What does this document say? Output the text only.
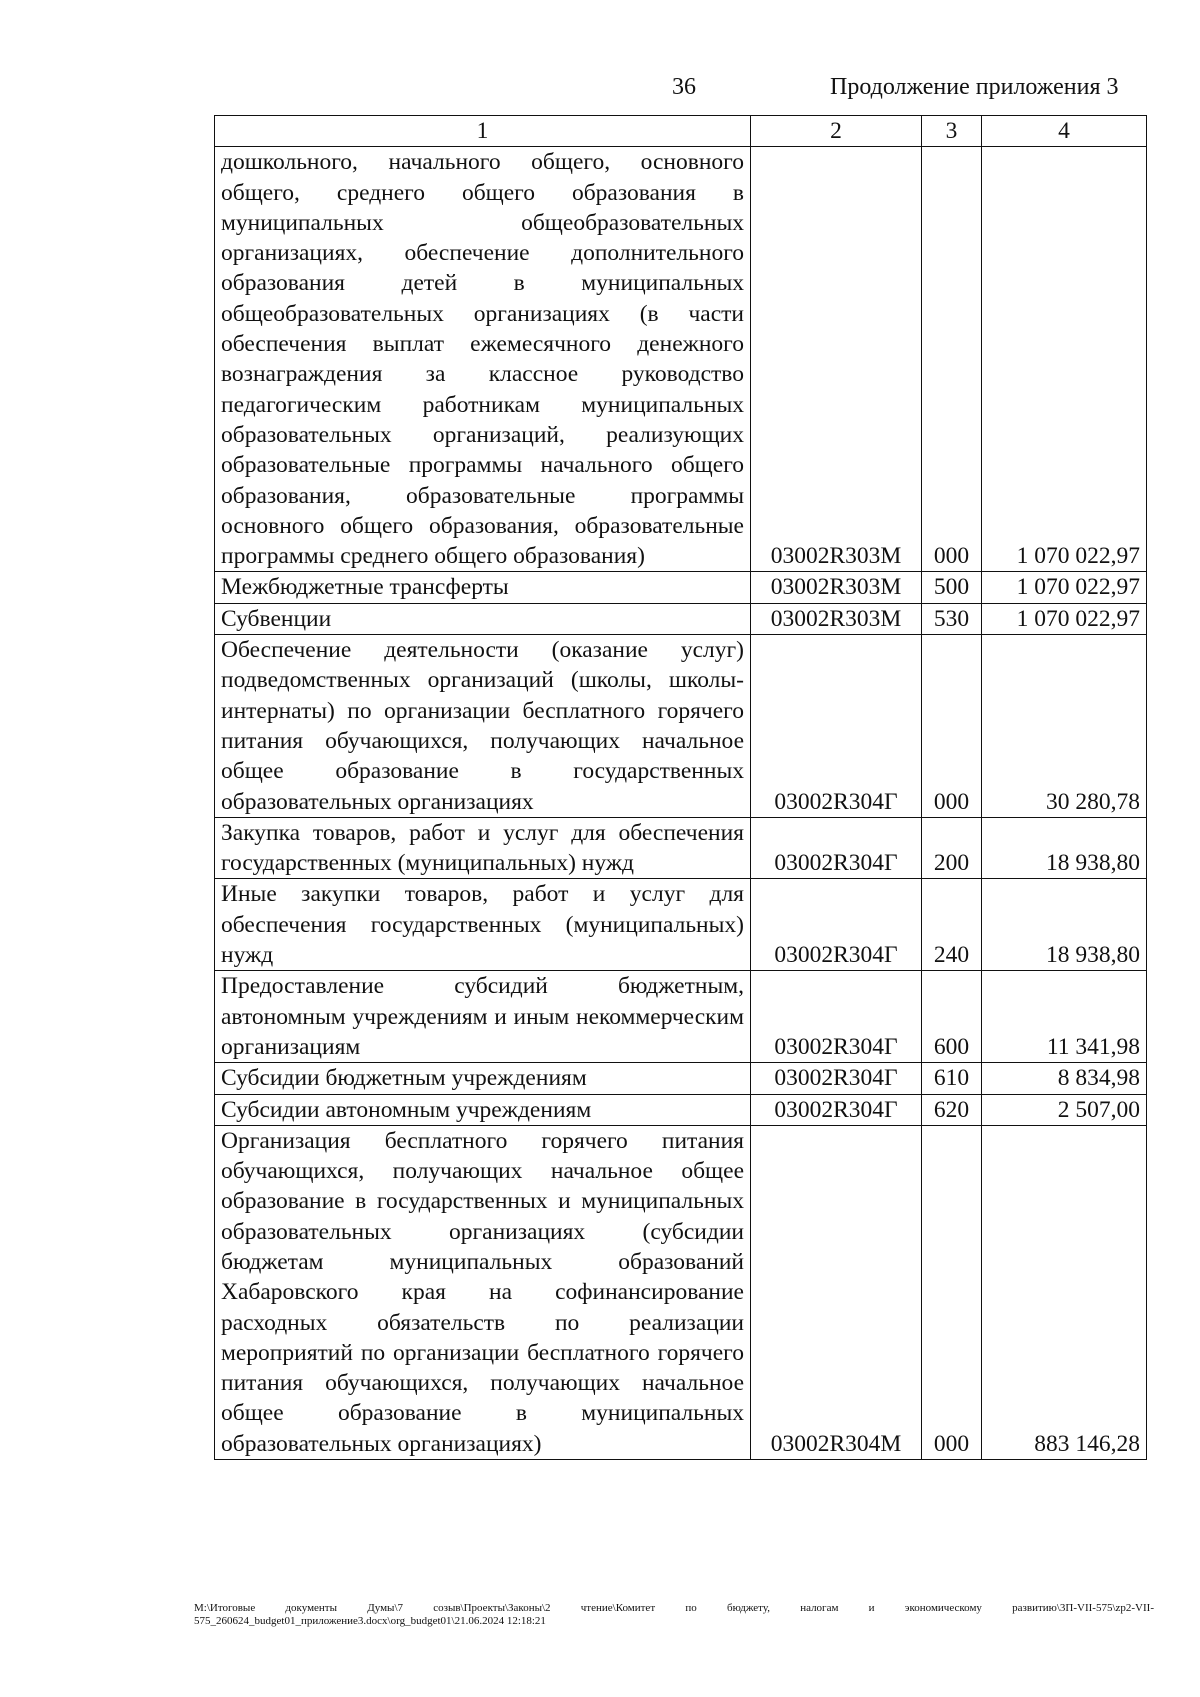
36	Продолжение приложения 3
1	2	3	4
дошкольного, начального общего, основного общего, среднего общего образования в муниципальных общеобразовательных организациях, обеспечение дополнительного образования детей в муниципальных общеобразовательных организациях (в части обеспечения выплат ежемесячного денежного вознаграждения за классное руководство педагогическим работникам муниципальных образовательных организаций, реализующих образовательные программы начального общего образования, образовательные программы основного общего образования, образовательные программы среднего общего образования)	03002R303М	000	1 070 022,97
Межбюджетные трансферты	03002R303М	500	1 070 022,97
Субвенции	03002R303М	530	1 070 022,97
Обеспечение деятельности (оказание услуг) подведомственных организаций (школы, школы-интернаты) по организации бесплатного горячего питания обучающихся, получающих начальное общее образование в государственных образовательных организациях	03002R304Г	000	30 280,78
Закупка товаров, работ и услуг для обеспечения государственных (муниципальных) нужд	03002R304Г	200	18 938,80
Иные закупки товаров, работ и услуг для обеспечения государственных (муниципальных) нужд	03002R304Г	240	18 938,80
Предоставление субсидий бюджетным, автономным учреждениям и иным некоммерческим организациям	03002R304Г	600	11 341,98
Субсидии бюджетным учреждениям	03002R304Г	610	8 834,98
Субсидии автономным учреждениям	03002R304Г	620	2 507,00
Организация бесплатного горячего питания обучающихся, получающих начальное общее образование в государственных и муниципальных образовательных организациях (субсидии бюджетам муниципальных образований Хабаровского края на софинансирование расходных обязательств по реализации мероприятий по организации бесплатного горячего питания обучающихся, получающих начальное общее образование в муниципальных образовательных организациях)	03002R304М	000	883 146,28
М:\Итоговые документы Думы\7 созыв\Проекты\Законы\2 чтение\Комитет по бюджету, налогам и экономическому развитию\3П-VII-575\zp2-VII-575_260624_budget01_приложение3.docx\org_budget01\21.06.2024 12:18:21
